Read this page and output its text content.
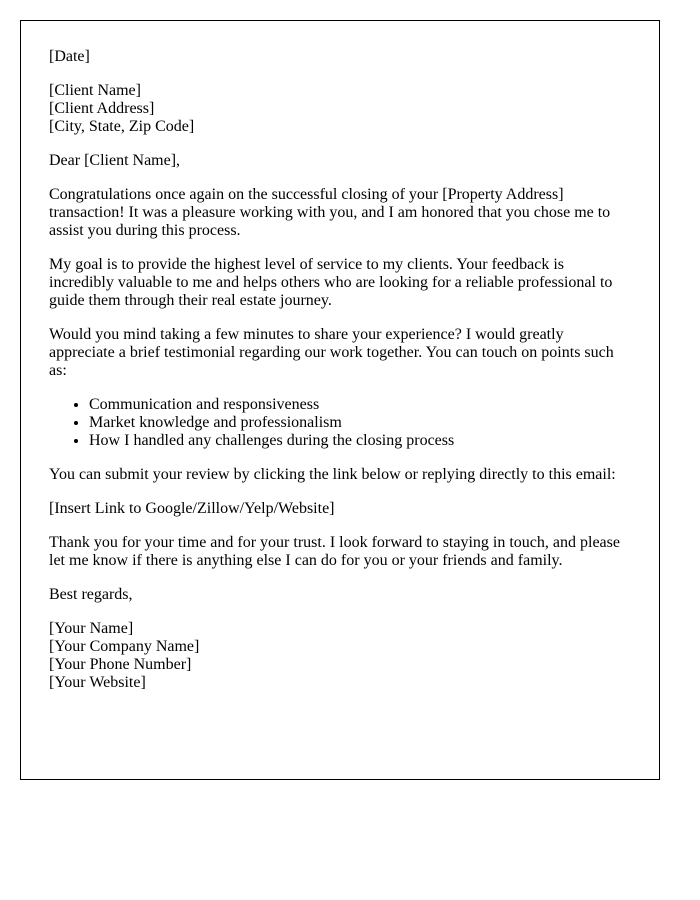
[Date]

[Client Name]
[Client Address]
[City, State, Zip Code]

Dear [Client Name],

Congratulations once again on the successful closing of your [Property Address] transaction! It was a pleasure working with you, and I am honored that you chose me to assist you during this process.

My goal is to provide the highest level of service to my clients. Your feedback is incredibly valuable to me and helps others who are looking for a reliable professional to guide them through their real estate journey.

Would you mind taking a few minutes to share your experience? I would greatly appreciate a brief testimonial regarding our work together. You can touch on points such as:

• Communication and responsiveness
• Market knowledge and professionalism
• How I handled any challenges during the closing process

You can submit your review by clicking the link below or replying directly to this email:

[Insert Link to Google/Zillow/Yelp/Website]

Thank you for your time and for your trust. I look forward to staying in touch, and please let me know if there is anything else I can do for you or your friends and family.

Best regards,

[Your Name]
[Your Company Name]
[Your Phone Number]
[Your Website]
